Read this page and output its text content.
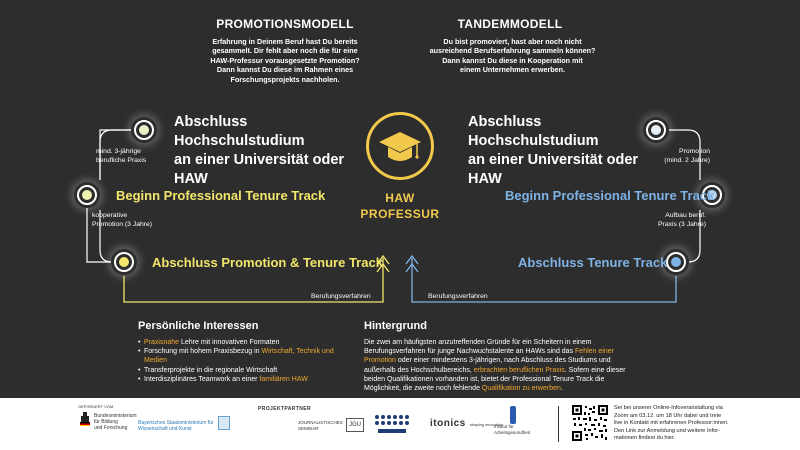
PROMOTIONSMODELL
Erfahrung in Deinem Beruf hast Du bereits
gesammelt. Dir fehlt aber noch die für eine
HAW-Professur vorausgesetzte Promotion?
Dann kannst Du diese im Rahmen eines
Forschungsprojekts nachholen.
TANDEMMODELL
Du bist promoviert, hast aber noch nicht
ausreichend Berufserfahrung sammeln können?
Dann kannst Du diese in Kooperation mit
einem Unternehmen erwerben.
Abschluss Hochschulstudium
an einer Universität oder HAW
mind. 3-jährige
berufliche Praxis
Beginn Professional Tenure Track
kooperative
Promotion (3 Jahre)
Abschluss Promotion & Tenure Track
Berufungsverfahren
Abschluss Hochschulstudium
an einer Universität oder HAW
Promotion
(mind. 2 Jahre)
Beginn Professional Tenure Track
Aufbau beruf.
Praxis (3 Jahre)
Abschluss Tenure Track
Berufungsverfahren
HAW
PROFESSUR
Persönliche Interessen
• Praxisnahe Lehre mit innovativen Formaten
• Forschung mit hohem Praxisbezug in Wirtschaft, Technik und Medien
• Transferprojekte in die regionale Wirtschaft
• Interdisziplinäres Teamwork an einer familiären HAW
Hintergrund
Die zwei am häufigsten anzutreffenden Gründe für ein Scheitern in einem Berufungsverfahren für junge Nachwuchstalente an HAWs sind das Fehlen einer Promotion oder einer mindestens 3-jährigen, nach Abschluss des Studiums und außerhalb des Hochschulbereichs, erbrachten beruflichen Praxis. Sofern eine dieser beiden Qualifikationen vorhanden ist, bietet der Professional Tenure Track die Möglichkeit, die zweite noch fehlende Qualifikation zu erwerben.
GEFÖRDERT VOM
Bundesministerium
für Bildung
und Forschung
Bayerisches Staatsministerium für
Wissenschaft und Kunst
PROJEKTPARTNER
JOURNALISTISCHES SEMINAR
JGU	itonics shaping innovation
Institut für Arbeitsgesundheit
Sei bei unserer Online-Infoveranstaltung via
Zoom am 03.12. um 18 Uhr dabei und trete
live in Kontakt mit erfahrenen Professor:innen.
Den Link zur Anmeldung und weitere Infor-
mationen findest du hier.
